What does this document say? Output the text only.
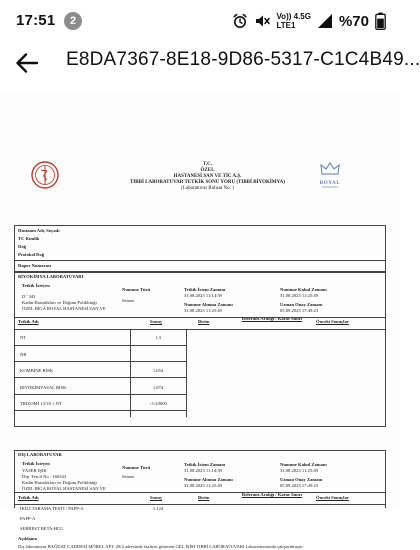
17:51	2	Vo)) 4.5G
LTE1	%70
E8DA7367-8E18-9D86-5317-C1C4B49...
T.C.
ÖZEL
HASTANESİ SAN VE TİC A.Ş.
TIBBİ LABORATUVAR TETKİK SONU YORU (TIBBİ BİYOKİMYA)
(Laboratuvar Ruhsat No: )
ROYAL
HASTANESİ
Hastanın Adı, Soyadı
TC Kimlik
Doğ
Protokol Doğ
Rapor Numarası
BİYOKİMYA LABORATUVARI
Tetkik İsteyen
D ' 343
Kadın Hastalıkları ve Doğum Polikliniği
ÖZEL BİGA ROYAL HASTANESİ SAN VE
Numune Türü
Serum
Tetkik İstem Zamanı
31.08.2023 11:14:59
Numune Alınma Zamanı
31.08.2023 11:25:49
Numune Kabul Zamanı
31.08.2023 11:25:49
Uzman Onay Zamanı
05.09.2023 17:49:23
Tetkik Adı	Sonuç	Birim
Referans Aralığı / Karar Sınırı
Önceki Sonuçlar
NT	1,3
NB
KOMBİNE RİSK	1.654
BİYOKİMYASAL RİSK	1.874
TRİZOMİ 13/18 + NT	<1/10000
DIŞ LABORATUVAR
Tetkik İsteyen
YASER IŞIK
Dip. Tescil No : 166343
Kadın Hastalıkları ve Doğum Polikliniği
ÖZEL BİGA ROYAL HASTANESİ SAN VE
Numune Türü
Serum
Tetkik İstem Zamanı
31.08.2023 11:14:39
Numune Alınma Zamanı
31.08.2023 11:25:49
Numune Kabul Zamanı
31.08.2023 11:25:49
Uzman Onay Zamanı
05.09.2023 17:49:23
Tetkik Adı	Sonuç	Birim
Referans Aralığı / Karar Sınırı
Önceki Sonuçlar
İKİLİ TARAMA TESTİ / PAPP-A	1.124
PAPP-A
SERBEST BETA-HCG
Açıklama
Dış laboratuvar BAĞDAT CADDESİ MÖREL APT. 28/2 adresinde faaliyet gösteren GEL İŞİM TIBBİ LABORATUVARI Laboratuvarında çalıştırılmıştır.
